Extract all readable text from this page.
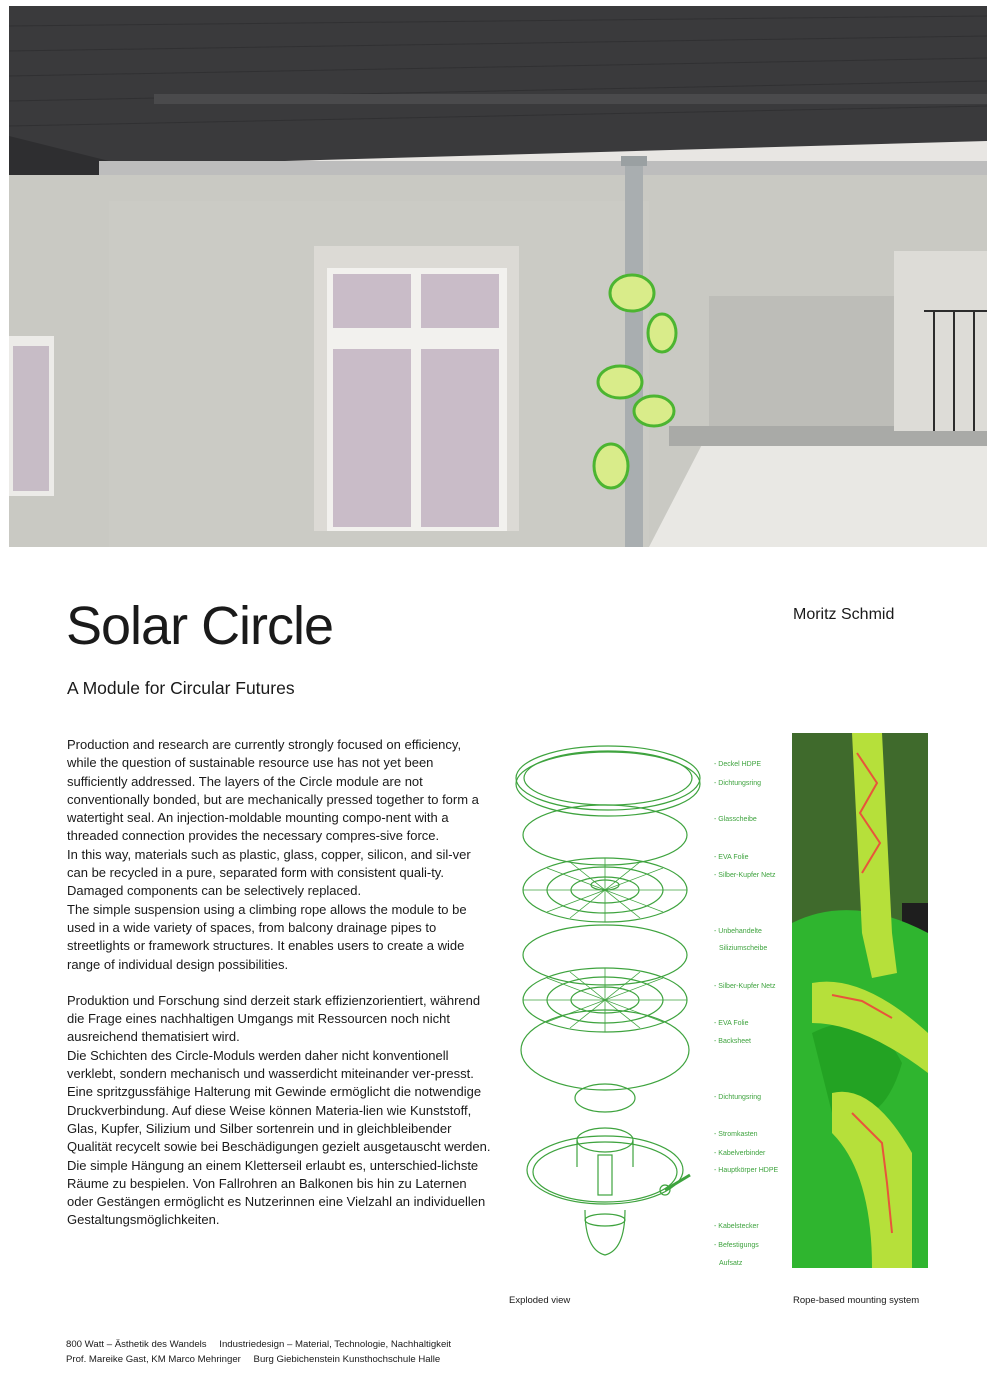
Solar Circle
A Module for Circular Futures
Moritz Schmid

Production and research are currently strongly focused on efficiency, while the question of sustainable resource use has not yet been sufficiently addressed. The layers of the Circle module are not conventionally bonded, but are mechanically pressed together to form a watertight seal. An injection-moldable mounting compo-nent with a threaded connection provides the necessary compres-sive force.

In this way, materials such as plastic, glass, copper, silicon, and sil-ver can be recycled in a pure, separated form with consistent quali-ty. Damaged components can be selectively replaced.

The simple suspension using a climbing rope allows the module to be used in a wide variety of spaces, from balcony drainage pipes to streetlights or framework structures. It enables users to create a wide range of individual design possibilities.

Produktion und Forschung sind derzeit stark effizienzorientiert, während die Frage eines nachhaltigen Umgangs mit Ressourcen noch nicht ausreichend thematisiert wird.

Die Schichten des Circle-Moduls werden daher nicht konventionell verklebt, sondern mechanisch und wasserdicht miteinander ver-presst. Eine spritzgussfähige Halterung mit Gewinde ermöglicht die notwendige Druckverbindung. Auf diese Weise können Materia-lien wie Kunststoff, Glas, Kupfer, Silizium und Silber sortenrein und in gleichbleibender Qualität recycelt sowie bei Beschädigungen gezielt ausgetauscht werden.

Die simple Hängung an einem Kletterseil erlaubt es, unterschied-lichste Räume zu bespielen. Von Fallrohren an Balkonen bis hin zu Laternen oder Gestängen ermöglicht es Nutzerinnen eine Vielzahl an individuellen Gestaltungsmöglichkeiten.

- Deckel HDPE
- Dichtungsring
- Glasscheibe
- EVA Folie
- Silber-Kupfer Netz
- Unbehandelte
Siliziumscheibe
- Silber-Kupfer Netz
- EVA Folie
- Backsheet
- Dichtungsring
- Stromkasten
- Kabelverbinder
- Hauptkörper HDPE
- Kabelstecker
- Befestigungs
Aufsatz
Exploded view	Rope-based mounting system
800 Watt – Ästhetik des Wandels Industriedesign – Material, Technologie, Nachhaltigkeit
Prof. Mareike Gast, KM Marco Mehringer Burg Giebichenstein Kunsthochschule Halle
